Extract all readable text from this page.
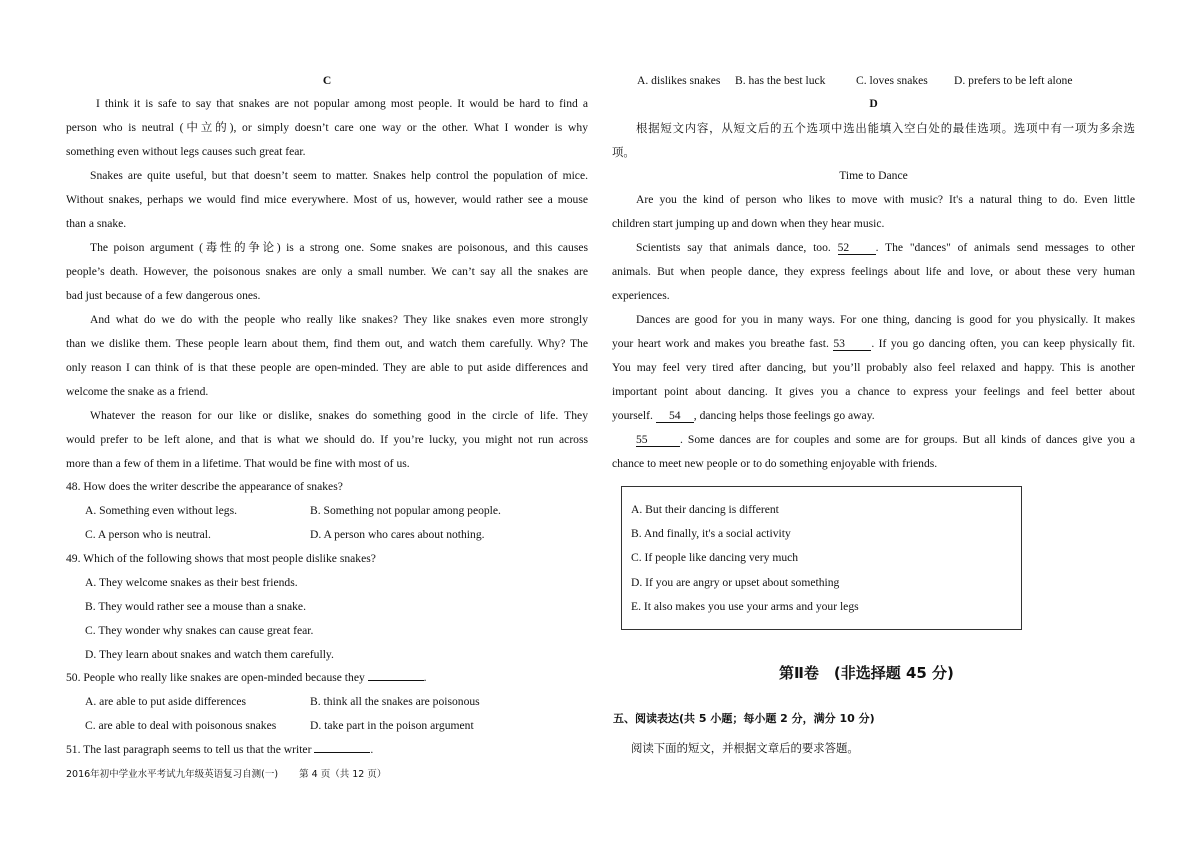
C
I think it is safe to say that snakes are not popular among most people. It would be hard to find a
person who is neutral (中立的), or simply doesn’t care one way or the other. What I wonder is why
something even without legs causes such great fear.
Snakes are quite useful, but that doesn’t seem to matter. Snakes help control the population of mice.
Without snakes, perhaps we would find mice everywhere. Most of us, however, would rather see a mouse
than a snake.
The poison argument (毒性的争论) is a strong one. Some snakes are poisonous, and this causes
people’s death. However, the poisonous snakes are only a small number. We can’t say all the snakes are
bad just because of a few dangerous ones.
And what do we do with the people who really like snakes? They like snakes even more strongly
than we dislike them. These people learn about them, find them out, and watch them carefully. Why? The
only reason I can think of is that these people are open-minded. They are able to put aside differences and
welcome the snake as a friend.
Whatever the reason for our like or dislike, snakes do something good in the circle of life. They
would prefer to be left alone, and that is what we should do. If you’re lucky, you might not run across
more than a few of them in a lifetime. That would be fine with most of us.
48. How does the writer describe the appearance of snakes?
A. Something even without legs.	B. Something not popular among people.
C. A person who is neutral.	D. A person who cares about nothing.
49. Which of the following shows that most people dislike snakes?
A. They welcome snakes as their best friends.
B. They would rather see a mouse than a snake.
C. They wonder why snakes can cause great fear.
D. They learn about snakes and watch them carefully.
50. People who really like snakes are open-minded because they	.
A. are able to put aside differences	B. think all the snakes are poisonous
C. are able to deal with poisonous snakes	D. take part in the poison argument
51. The last paragraph seems to tell us that the writer	.
2016年初中学业水平考试九年级英语复习自测(一) 第 4 页（共 12 页）
A. dislikes snakes B. has the best luck	C. loves snakes D. prefers to be left alone
D
根据短文内容，从短文后的五个选项中选出能填入空白处的最佳选项。选项中有一项为多余选
项。
Time to Dance
Are you the kind of person who likes to move with music? It's a natural thing to do. Even little
children start jumping up and down when they hear music.
Scientists say that animals dance, too. 52 . The "dances" of animals send messages to other
animals. But when people dance, they express feelings about life and love, or about these very human
experiences.
Dances are good for you in many ways. For one thing, dancing is good for you physically. It makes
your heart work and makes you breathe fast. 53 . If you go dancing often, you can keep physically fit.
You may feel very tired after dancing, but you’ll probably also feel relaxed and happy. This is another
important point about dancing. It gives you a chance to express your feelings and feel better about
yourself. 54 , dancing helps those feelings go away.
55	. Some dances are for couples and some are for groups. But all kinds of dances give you a
chance to meet new people or to do something enjoyable with friends.
A. But their dancing is different
B. And finally, it's a social activity
C. If people like dancing very much
D. If you are angry or upset about something
E. It also makes you use your arms and your legs
第Ⅱ卷　(非选择题 45 分)
五、阅读表达(共 5 小题；每小题 2 分，满分 10 分)
阅读下面的短文，并根据文章后的要求答题。
